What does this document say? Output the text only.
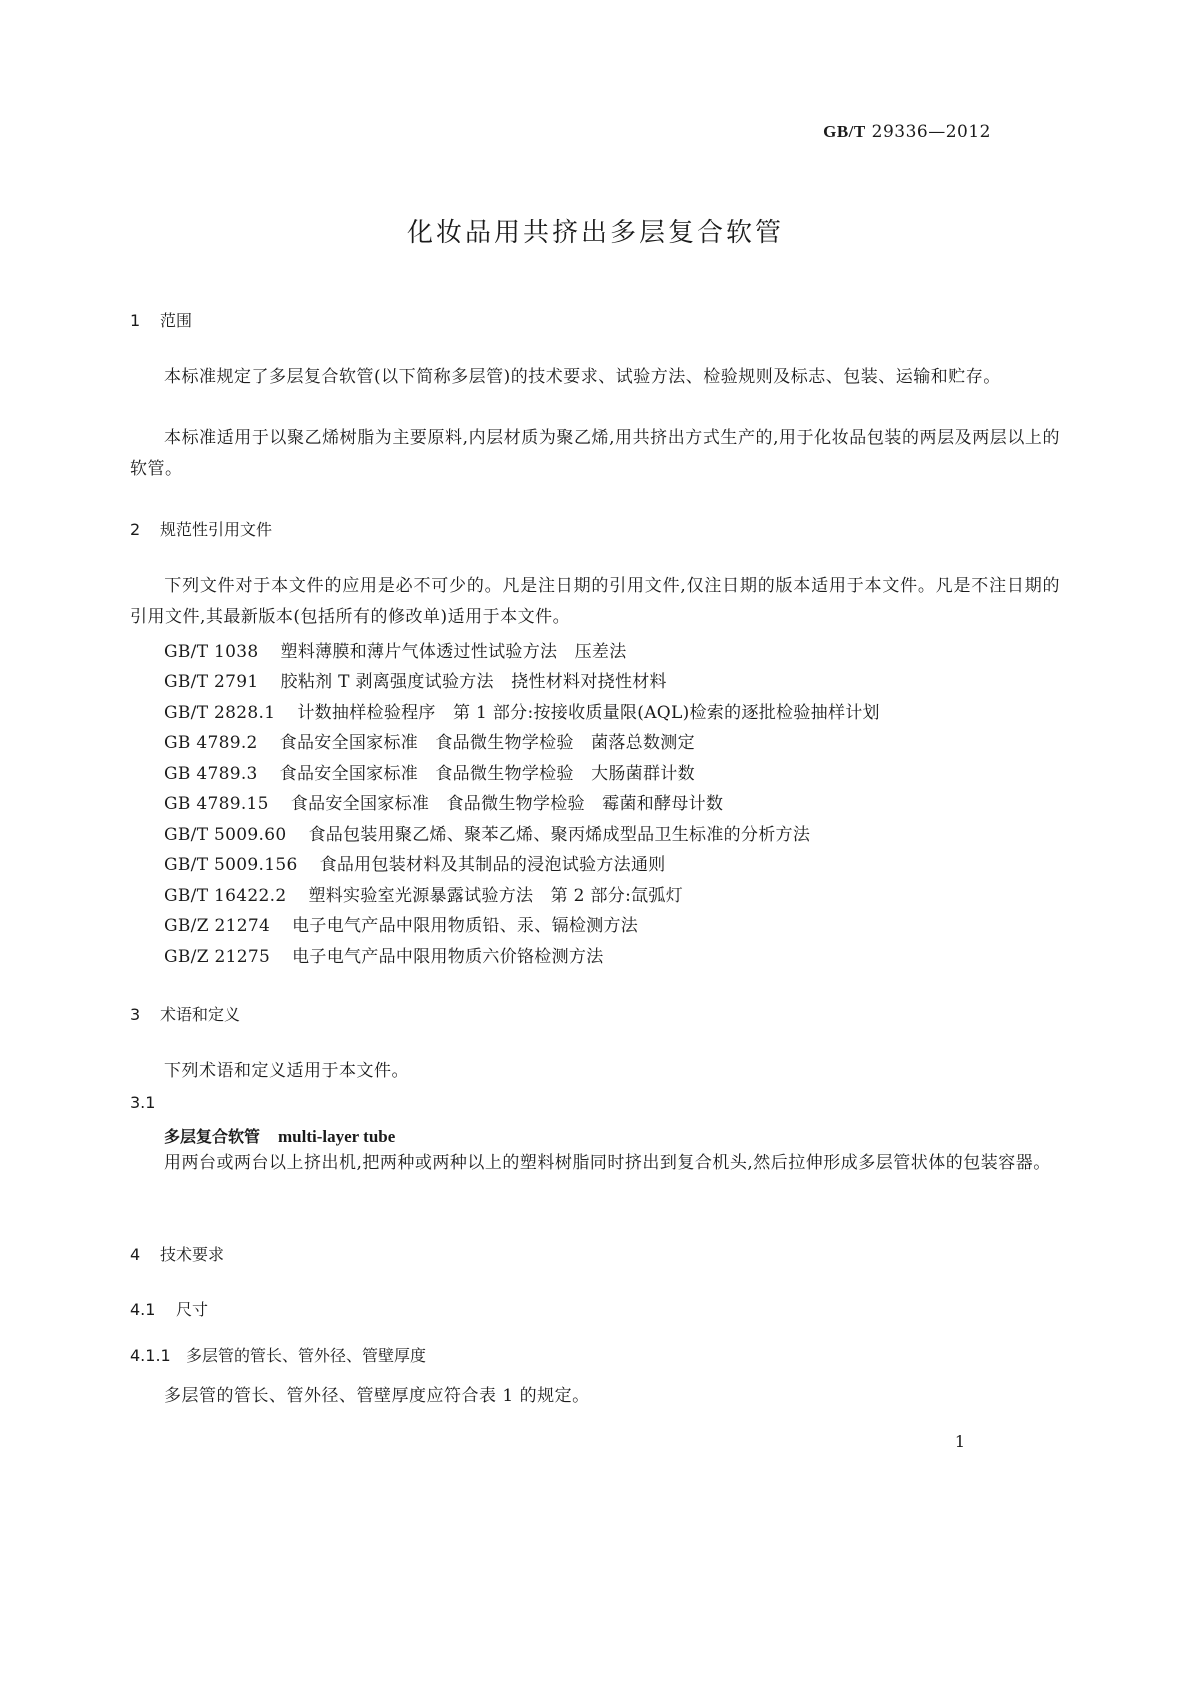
GB/T 29336—2012
化妆品用共挤出多层复合软管
1 范围
本标准规定了多层复合软管(以下简称多层管)的技术要求、试验方法、检验规则及标志、包装、运输和贮存。
本标准适用于以聚乙烯树脂为主要原料,内层材质为聚乙烯,用共挤出方式生产的,用于化妆品包装的两层及两层以上的软管。
2 规范性引用文件
下列文件对于本文件的应用是必不可少的。凡是注日期的引用文件,仅注日期的版本适用于本文件。凡是不注日期的引用文件,其最新版本(包括所有的修改单)适用于本文件。
GB/T 1038 塑料薄膜和薄片气体透过性试验方法　压差法
GB/T 2791 胶粘剂 T 剥离强度试验方法　挠性材料对挠性材料
GB/T 2828.1 计数抽样检验程序　第 1 部分:按接收质量限(AQL)检索的逐批检验抽样计划
GB 4789.2 食品安全国家标准　食品微生物学检验　菌落总数测定
GB 4789.3 食品安全国家标准　食品微生物学检验　大肠菌群计数
GB 4789.15 食品安全国家标准　食品微生物学检验　霉菌和酵母计数
GB/T 5009.60 食品包装用聚乙烯、聚苯乙烯、聚丙烯成型品卫生标准的分析方法
GB/T 5009.156 食品用包装材料及其制品的浸泡试验方法通则
GB/T 16422.2 塑料实验室光源暴露试验方法　第 2 部分:氙弧灯
GB/Z 21274 电子电气产品中限用物质铅、汞、镉检测方法
GB/Z 21275 电子电气产品中限用物质六价铬检测方法
3 术语和定义
下列术语和定义适用于本文件。
3.1
多层复合软管 multi-layer tube
用两台或两台以上挤出机,把两种或两种以上的塑料树脂同时挤出到复合机头,然后拉伸形成多层管状体的包装容器。
4 技术要求
4.1 尺寸
4.1.1 多层管的管长、管外径、管壁厚度
多层管的管长、管外径、管壁厚度应符合表 1 的规定。
1
